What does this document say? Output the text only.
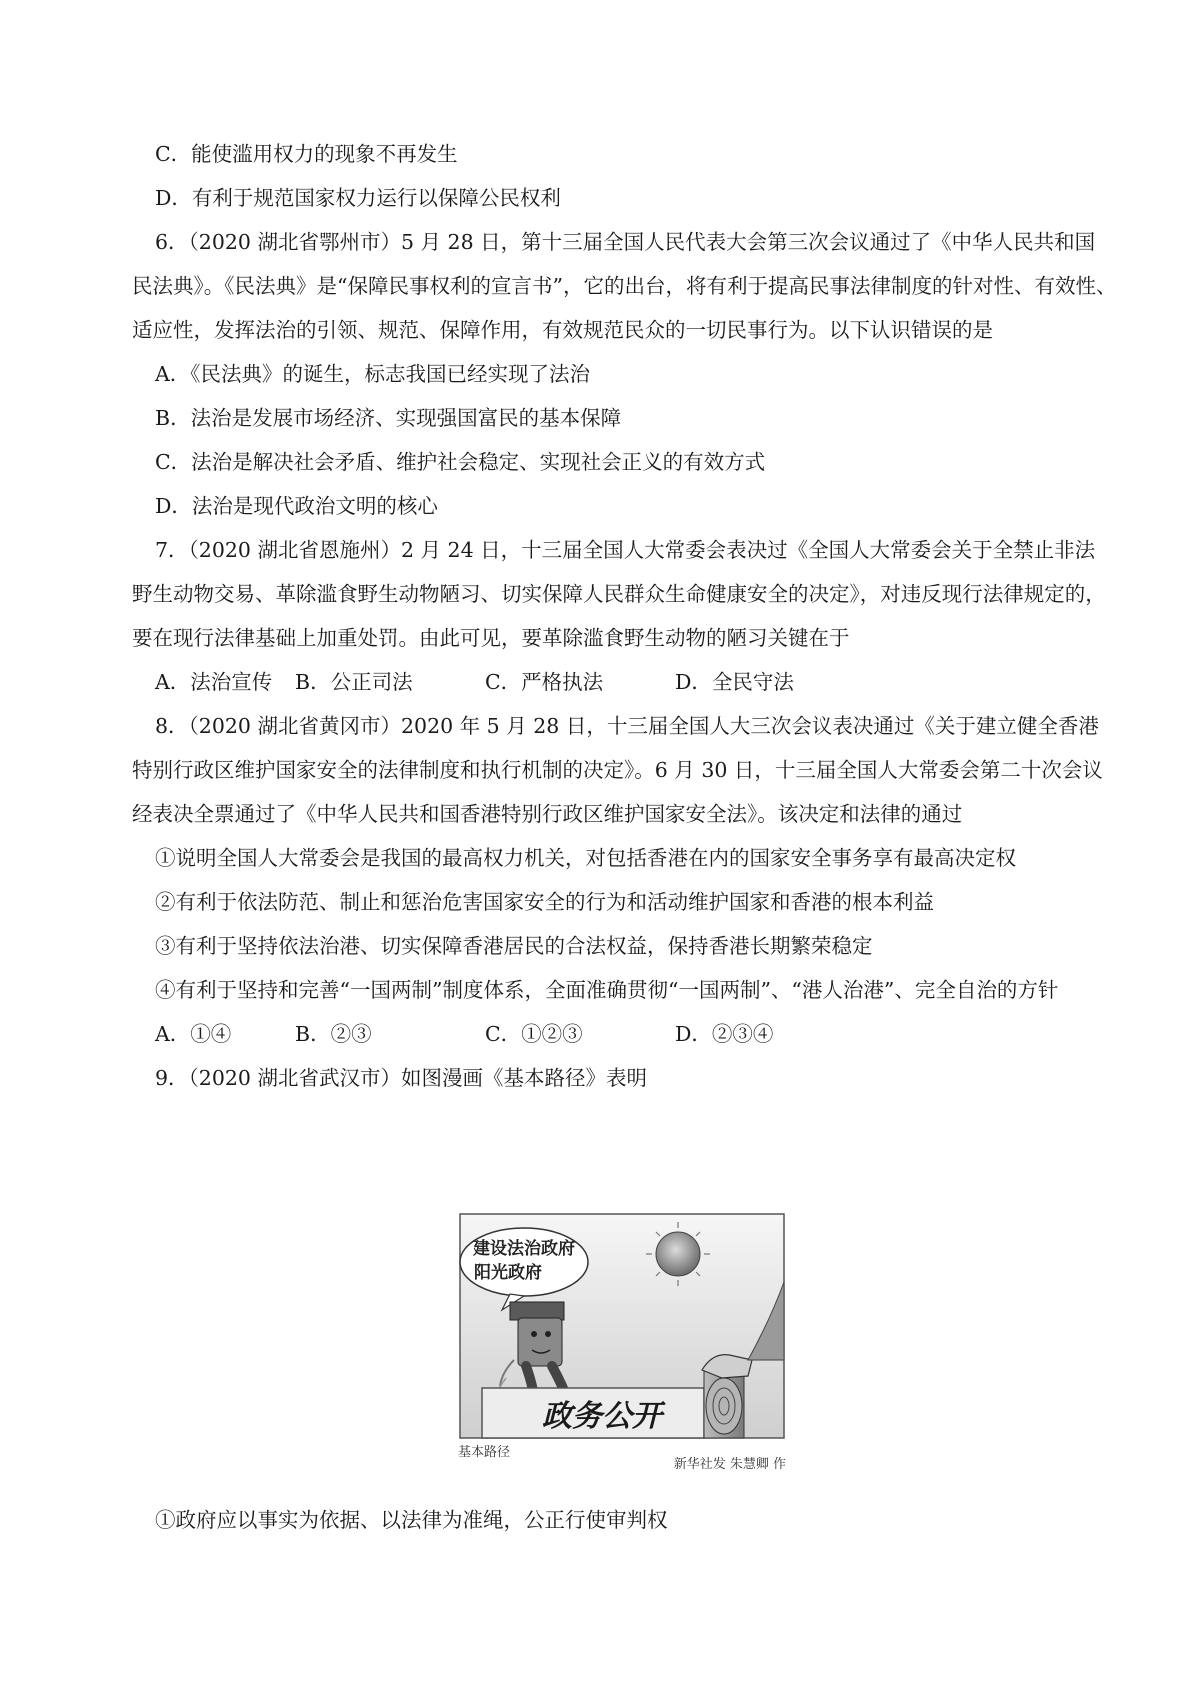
C．能使滥用权力的现象不再发生
D．有利于规范国家权力运行以保障公民权利
6．（2020 湖北省鄂州市）5 月 28 日，第十三届全国人民代表大会第三次会议通过了《中华人民共和国
民法典》。《民法典》是“保障民事权利的宣言书”，它的出台，将有利于提高民事法律制度的针对性、有效性、
适应性，发挥法治的引领、规范、保障作用，有效规范民众的一切民事行为。以下认识错误的是
A．《民法典》的诞生，标志我国已经实现了法治
B．法治是发展市场经济、实现强国富民的基本保障
C．法治是解决社会矛盾、维护社会稳定、实现社会正义的有效方式
D．法治是现代政治文明的核心
7．（2020 湖北省恩施州）2 月 24 日，十三届全国人大常委会表决过《全国人大常委会关于全禁止非法
野生动物交易、革除滥食野生动物陋习、切实保障人民群众生命健康安全的决定》，对违反现行法律规定的，
要在现行法律基础上加重处罚。由此可见，要革除滥食野生动物的陋习关键在于
A．法治宣传 B．公正司法	C．严格执法	D．全民守法
8．（2020 湖北省黄冈市）2020 年 5 月 28 日，十三届全国人大三次会议表决通过《关于建立健全香港
特别行政区维护国家安全的法律制度和执行机制的决定》。6 月 30 日，十三届全国人大常委会第二十次会议
经表决全票通过了《中华人民共和国香港特别行政区维护国家安全法》。该决定和法律的通过
①说明全国人大常委会是我国的最高权力机关，对包括香港在内的国家安全事务享有最高决定权
②有利于依法防范、制止和惩治危害国家安全的行为和活动维护国家和香港的根本利益
③有利于坚持依法治港、切实保障香港居民的合法权益，保持香港长期繁荣稳定
④有利于坚持和完善“一国两制”制度体系，全面准确贯彻“一国两制”、“港人治港”、完全自治的方针
A．①④	B．②③	C．①②③	D．②③④
9．（2020 湖北省武汉市）如图漫画《基本路径》表明
建设法治政府
阳光政府
政务公开
基本路径
新华社发 朱慧卿 作
①政府应以事实为依据、以法律为准绳，公正行使审判权
